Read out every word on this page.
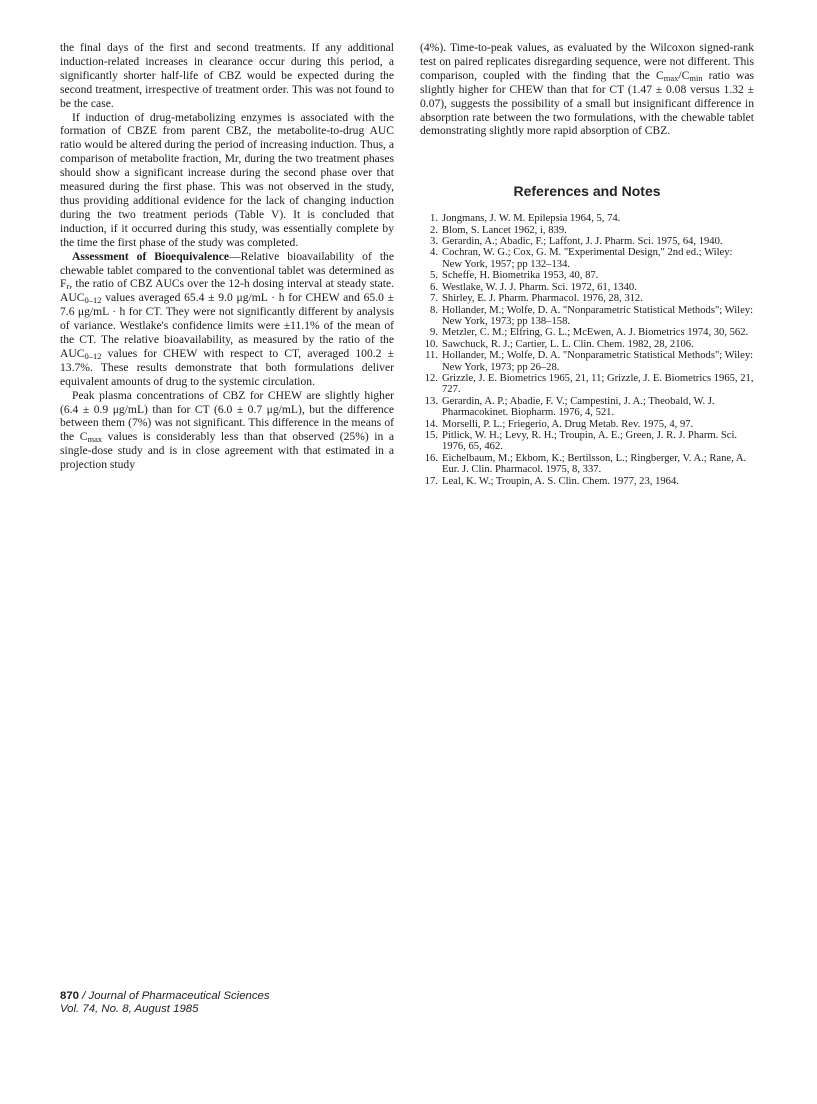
the final days of the first and second treatments. If any additional induction-related increases in clearance occur during this period, a significantly shorter half-life of CBZ would be expected during the second treatment, irrespective of treatment order. This was not found to be the case.

If induction of drug-metabolizing enzymes is associated with the formation of CBZE from parent CBZ, the metabolite-to-drug AUC ratio would be altered during the period of increasing induction. Thus, a comparison of metabolite fraction, Mr, during the two treatment phases should show a significant increase during the second phase over that measured during the first phase. This was not observed in the study, thus providing additional evidence for the lack of changing induction during the two treatment periods (Table V). It is concluded that induction, if it occurred during this study, was essentially complete by the time the first phase of the study was completed.

Assessment of Bioequivalence—Relative bioavailability of the chewable tablet compared to the conventional tablet was determined as $F_r$, the ratio of CBZ AUCs over the 12-h dosing interval at steady state. $AUC_{0-12}$ values averaged 65.4 ± 9.0 μg/mL · h for CHEW and 65.0 ± 7.6 μg/mL · h for CT. They were not significantly different by analysis of variance. Westlake's confidence limits were ±11.1% of the mean of the CT. The relative bioavailability, as measured by the ratio of the $AUC_{0-12}$ values for CHEW with respect to CT, averaged 100.2 ± 13.7%. These results demonstrate that both formulations deliver equivalent amounts of drug to the systemic circulation.

Peak plasma concentrations of CBZ for CHEW are slightly higher (6.4 ± 0.9 μg/mL) than for CT (6.0 ± 0.7 μg/mL), but the difference between them (7%) was not significant. This difference in the means of the $C_{max}$ values is considerably less than that observed (25%) in a single-dose study and is in close agreement with that estimated in a projection study

(4%). Time-to-peak values, as evaluated by the Wilcoxon signed-rank test on paired replicates disregarding sequence, were not different. This comparison, coupled with the finding that the $C_{max}/C_{min}$ ratio was slightly higher for CHEW than that for CT (1.47 ± 0.08 versus 1.32 ± 0.07), suggests the possibility of a small but insignificant difference in absorption rate between the two formulations, with the chewable tablet demonstrating slightly more rapid absorption of CBZ.

References and Notes
1. Jongmans, J. W. M. Epilepsia 1964, 5, 74.
2. Blom, S. Lancet 1962, i, 839.
3. Gerardin, A.; Abadic, F.; Laffont, J. J. Pharm. Sci. 1975, 64, 1940.
4. Cochran, W. G.; Cox, G. M. "Experimental Design," 2nd ed.; Wiley: New York, 1957; pp 132–134.
5. Scheffe, H. Biometrika 1953, 40, 87.
6. Westlake, W. J. J. Pharm. Sci. 1972, 61, 1340.
7. Shirley, E. J. Pharm. Pharmacol. 1976, 28, 312.
8. Hollander, M.; Wolfe, D. A. "Nonparametric Statistical Methods"; Wiley: New York, 1973; pp 138–158.
9. Metzler, C. M.; Elfring, G. L.; McEwen, A. J. Biometrics 1974, 30, 562.
10. Sawchuck, R. J.; Cartier, L. L. Clin. Chem. 1982, 28, 2106.
11. Hollander, M.; Wolfe, D. A. "Nonparametric Statistical Methods"; Wiley: New York, 1973; pp 26–28.
12. Grizzle, J. E. Biometrics 1965, 21, 11; Grizzle, J. E. Biometrics 1965, 21, 727.
13. Gerardin, A. P.; Abadie, F. V.; Campestini, J. A.; Theobald, W. J. Pharmacokinet. Biopharm. 1976, 4, 521.
14. Morselli, P. L.; Friegerio, A. Drug Metab. Rev. 1975, 4, 97.
15. Pitlick, W. H.; Levy, R. H.; Troupin, A. E.; Green, J. R. J. Pharm. Sci. 1976, 65, 462.
16. Eichelbaum, M.; Ekbom, K.; Bertilsson, L.; Ringberger, V. A.; Rane, A. Eur. J. Clin. Pharmacol. 1975, 8, 337.
17. Leal, K. W.; Troupin, A. S. Clin. Chem. 1977, 23, 1964.
870 / Journal of Pharmaceutical Sciences
Vol. 74, No. 8, August 1985
